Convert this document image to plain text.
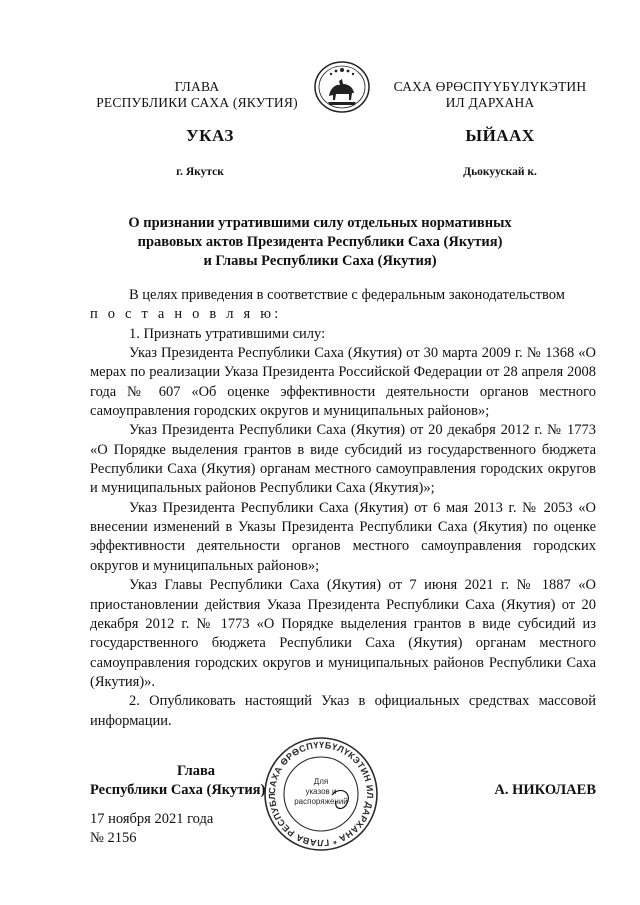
ГЛАВА
РЕСПУБЛИКИ САХА (ЯКУТИЯ)
САХА ӨРӨСПҮҮБҮЛҮКЭТИН
ИЛ ДАРХАНА
УКАЗ	ЫЙААХ
г. Якутск	Дьокуускай к.
О признании утратившими силу отдельных нормативных
правовых актов Президента Республики Саха (Якутия)
и Главы Республики Саха (Якутия)

В целях приведения в соответствие с федеральным законодательством

п о с т а н о в л я ю:

1. Признать утратившими силу:

Указ Президента Республики Саха (Якутия) от 30 марта 2009 г. № 1368 «О мерах по реализации Указа Президента Российской Федерации от 28 апреля 2008 года № 607 «Об оценке эффективности деятельности органов местного самоуправления городских округов и муниципальных районов»;

Указ Президента Республики Саха (Якутия) от 20 декабря 2012 г. № 1773 «О Порядке выделения грантов в виде субсидий из государственного бюджета Республики Саха (Якутия) органам местного самоуправления городских округов и муниципальных районов Республики Саха (Якутия)»;

Указ Президента Республики Саха (Якутия) от 6 мая 2013 г. № 2053 «О внесении изменений в Указы Президента Республики Саха (Якутия) по оценке эффективности деятельности органов местного самоуправления городских округов и муниципальных районов»;

Указ Главы Республики Саха (Якутия) от 7 июня 2021 г. № 1887 «О приостановлении действия Указа Президента Республики Саха (Якутия) от 20 декабря 2012 г. № 1773 «О Порядке выделения грантов в виде субсидий из государственного бюджета Республики Саха (Якутия) органам местного самоуправления городских округов и муниципальных районов Республики Саха (Якутия)».

2. Опубликовать настоящий Указ в официальных средствах массовой информации.

Глава
Республики Саха (Якутия)	А. НИКОЛАЕВ
САХА ӨРӨСПҮҮБҮЛҮКЭТИН ИЛ ДАРХАНА * ГЛАВА РЕСПУБЛ
Для
указов и
распоряжений
17 ноября 2021 года
№ 2156
